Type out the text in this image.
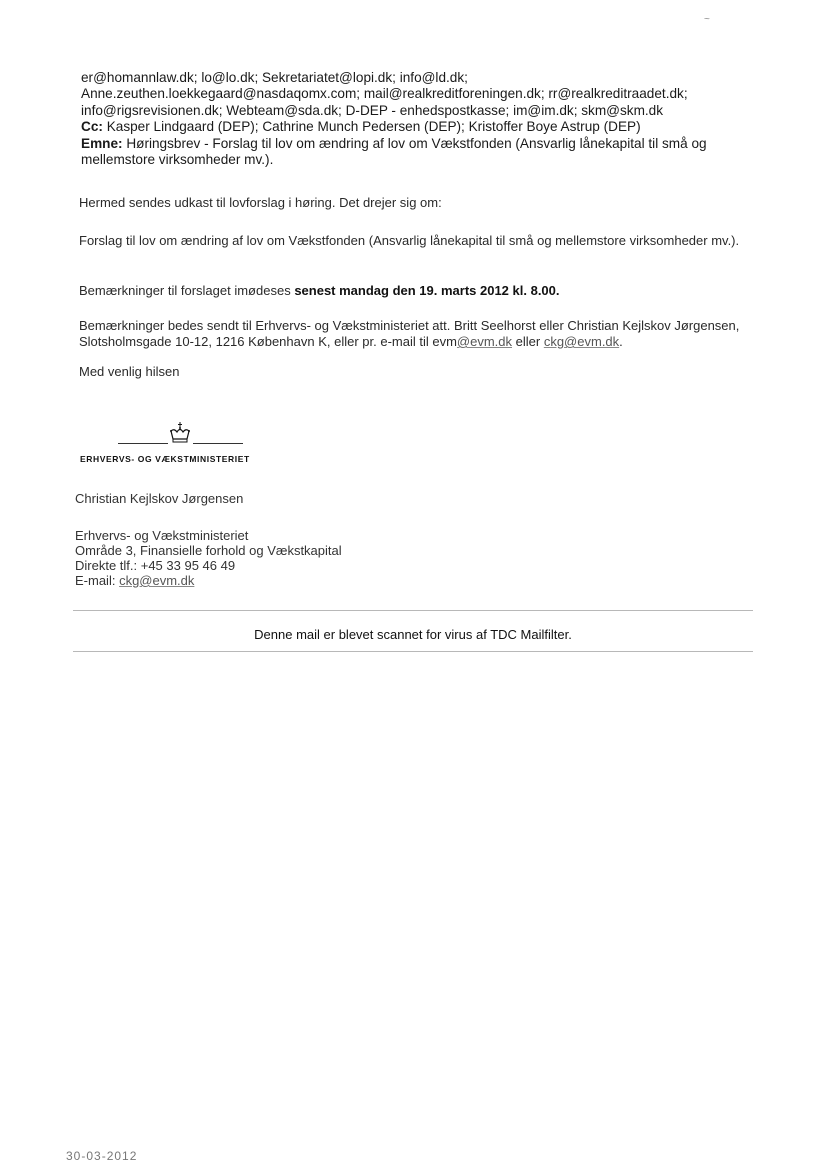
~
er@homannlaw.dk; lo@lo.dk; Sekretariatet@lopi.dk; info@ld.dk;
Anne.zeuthen.loekkegaard@nasdaqomx.com; mail@realkreditforeningen.dk; rr@realkreditraadet.dk;
info@rigsrevisionen.dk; Webteam@sda.dk; D-DEP - enhedspostkasse; im@im.dk; skm@skm.dk
Cc: Kasper Lindgaard (DEP); Cathrine Munch Pedersen (DEP); Kristoffer Boye Astrup (DEP)
Emne: Høringsbrev - Forslag til lov om ændring af lov om Vækstfonden (Ansvarlig lånekapital til små og mellemstore virksomheder mv.).
Hermed sendes udkast til lovforslag i høring. Det drejer sig om:
Forslag til lov om ændring af lov om Vækstfonden (Ansvarlig lånekapital til små og mellemstore virksomheder mv.).
Bemærkninger til forslaget imødeses senest mandag den 19. marts 2012 kl. 8.00.
Bemærkninger bedes sendt til Erhvervs- og Vækstministeriet att. Britt Seelhorst eller Christian Kejlskov Jørgensen, Slotsholmsgade 10-12, 1216 København K, eller pr. e-mail til evm@evm.dk eller ckg@evm.dk.
Med venlig hilsen
ERHVERVS- OG VÆKSTMINISTERIET
Christian Kejlskov Jørgensen
Erhvervs- og Vækstministeriet
Område 3, Finansielle forhold og Vækstkapital
Direkte tlf.: +45 33 95 46 49
E-mail: ckg@evm.dk
Denne mail er blevet scannet for virus af TDC Mailfilter.
30-03-2012
